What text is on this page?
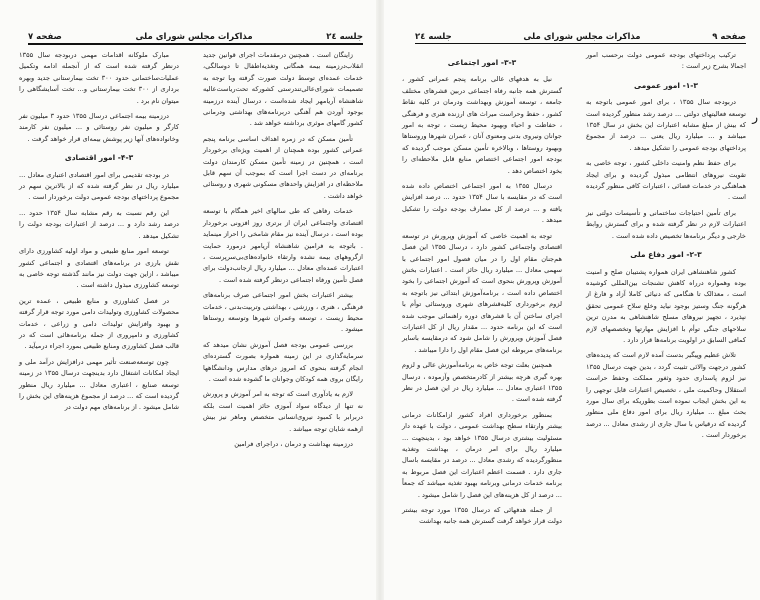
جلسه ۲٤
مذاکرات مجلس شورای ملی
صفحه ۷

زاینگان است . همچنین درمقدمات اجرای قوانین جدید انقلاب‌درزمینه بیمه همگانی وتغذیه‌اطفال تا دوسالگی، خدمات عمده‌ای توسط دولت صورت گرفته وبا توجه به تصمیمات شورای‌عالی‌تندرستی کشورکه تحت‌ریاست‌عالیه شاهنشاه آریامهر ایجاد شده‌است ، درسال آینده درزمینه بوجود آوردن هم آهنگی دربرنامه‌های بهداشتی ودرمانی کشور گامهای موثری برداشته خواهد شد .

تأمین مسکن که در زمره اهداف اساسی برنامه پنجم عمرانی کشور بوده همچنان از اهمیت ویژه‌ای برخوردار است ، همچنین در زمینه تأمین مسکن کارمندان دولت برنامه‌ای در دست اجرا است که بموجب آن سهم قابل ملاحظه‌ای در افزایش واحدهای مسکونی شهری و روستائی خواهد داشت .

خدمات رفاهی که طی سالهای اخیر همگام با توسعه اقتصادی واجتماعی ایران از برتری روز افزونی برخوردار بوده است ، درسال آینده نیز مقام شامخی را احراز مینماید . باتوجه به فرامین شاهنشاه آریامهر درمورد حمایت ازگروههای بیمه نشده وارتقاء خانواده‌های‌بی‌سرپرست ، اعتبارات عمده‌ای معادل ... میلیارد ریال ازجانب‌دولت برای فصل تأمین ورفاه اجتماعی درنظر گرفته شده است .

بیشتر اعتبارات بخش امور اجتماعی صرف برنامه‌های فرهنگی ، هنری ، ورزشی ، بهداشتی وتربیت‌بدنی ، خدمات محیط زیست ، توسعه وعمران شهرها وتوسعه روستاها میشود .

بررسی عمومی بودجه فصل آموزش نشان میدهد که سرمایه‌گذاری در این زمینه همواره بصورت گسترده‌ای انجام گرفته بنحوی که امروز درهای مدارس ودانشگاهها رایگان بروی همه کودکان وجوانان ما گشوده شده است .

لازم به یادآوری است که توجه به امر آموزش و پرورش نه تنها از دیدگاه سواد آموزی حائز اهمیت است بلکه دربرابر با کمبود نیروی‌انسانی متخصص وماهر نیز بیش ازهمه شایان توجه میباشد .

درزمینه بهداشت و درمان ، دراجرای فرامین

مبارک ملوکانه اقدامات مهمی دربودجه سال ۱۳۵۵ درنظر گرفته شده است که از آنجمله ادامه وتکمیل عملیات‌ساختمانی حدود ۳۰۰ تخت بیمارستانی جدید وبهره برداری از ۳۰۰ تخت بیمارستانی و... تخت آسایشگاهی را میتوان نام برد .

درزمینه بیمه اجتماعی درسال ۱۳۵۵ حدود ۳ میلیون نفر کارگر و میلیون نفر روستائی و ... میلیون نفر کارمند وخانواده‌های آنها زیر پوشش بیمه‌ای قرار خواهد گرفت .

۴-۳- امور اقتصادی

در بودجه تقدیمی برای امور اقتصادی اعتباری معادل ... میلیارد ریال در نظر گرفته شده که از بالاترین سهم در مجموع پرداختهای بودجه عمومی دولت برخوردار است .

این رقم نسبت به رقم مشابه سال ۱۳۵۴ حدود ... درصد رشد دارد و ... درصد از اعتبارات بودجه دولت را تشکیل میدهد .

توسعه امور منابع طبیعی و مواد اولیه کشاورزی دارای نقش بارزی در برنامه‌های اقتصادی و اجتماعی کشور میباشد ، ازاین جهت دولت نیز مانند گذشته توجه خاصی به توسعه کشاورزی مبذول داشته است .

در فصل کشاورزی و منابع طبیعی ، عمده ترین محصولات کشاورزی وتولیدات دامی مورد توجه قرار گرفته و بهبود وافزایش تولیدات دامی و زراعی ، خدمات کشاورزی و دامپروری از جمله برنامه‌هائی است که در قالب فصل کشاورزی ومنابع طبیعی بمورد اجراء درمیآید .

چون توسعه‌صنعت تأثیر مهمی درافزایش درآمد ملی و ایجاد امکانات اشتغال دارد بدینجهت درسال ۱۳۵۵ در زمینه توسعه صنایع ، اعتباری معادل ... میلیارد ریال منظور گردیده است که ... درصد از مجموع هزینه‌های این بخش را شامل میشود . از برنامه‌های مهم دولت در

صفحه ۹
مذاکرات مجلس شورای ملی
جلسه ۲٤

ترکیب پرداختهای بودجه عمومی دولت برحسب امور اجمالا بشرح زیر است :

۱-۳- امور عمومی

دربودجه سال ۱۳۵۵ ، برای امور عمومی باتوجه به توسعه فعالیتهای دولتی ... درصد رشد منظور گردیده است که بیش از مبلغ مشابه اعتبارات این بخش در سال ۱۳۵۴ میباشد و ... میلیارد ریال یعنی ... درصد از مجموع پرداختهای بودجه عمومی را تشکیل میدهد .

برای حفظ نظم وامنیت داخلی کشور ، توجه خاصی به تقویت نیروهای انتظامی مبذول گردیده و برای ایجاد هماهنگی در خدمات قضائی ، اعتبارات کافی منظور گردیده است .

برای تأمین احتیاجات ساختمانی و تأسیسات دولتی نیز اعتبارات لازم در نظر گرفته شده و برای گسترش روابط خارجی و دیگر برنامه‌ها تخصیص داده شده است .

۲-۳- امور دفاع ملی

کشور شاهنشاهی ایران همواره پشتیبان صلح و امنیت بوده وهمواره درراه کاهش تشنجات بین‌المللی کوشیده است ، معذالک تا هنگامی که دنیائی کاملا آزاد و فارغ از هرگونه جنگ وستیز بوجود نیاید وخلع سلاح عمومی تحقق نپذیرد ، تجهیز نیروهای مسلح شاهنشاهی به مدرن ترین سلاحهای جنگی توأم با افزایش مهارتها وتخصصهای لازم کمافی السابق در اولویت برنامه‌ها قرار دارد .

تلاش عظیم وپیگیر بدست آمده لازم است که پدیده‌های کشور درجهت والائی تثبیت گردد ، بدین جهت درسال ۱۳۵۵ نیز لزوم پاسداری حدود وثغور مملکت وحفظ حراست استقلال وحاکمیت ملی ، تخصیص اعتبارات قابل توجهی را به این بخش ایجاب نموده است بطوریکه برای سال مورد بحث مبلغ ... میلیارد ریال برای امور دفاع ملی منظور گردیده که درقیاس با سال جاری از رشدی معادل ... درصد برخوردار است .

۳-۳- امور اجتماعی

نیل به هدفهای عالی برنامه پنجم عمرانی کشور ، گسترش همه جانبه رفاه اجتماعی دربین قشرهای مختلف جامعه ، توسعه آموزش وبهداشت ودرمان در کلیه نقاط کشور ، حفظ وحراست میراث های ارزنده هنری و فرهنگی ، حفاظت و احیاء وبهبود محیط زیست ، توجه به امور جوانان ونیروی بدنی ومعنوی آنان ، عمران شهرها وروستاها وبهبود روستاها ، وبالاخره تأمین مسکن موجب گردیده که بودجه امور اجتماعی اختصاص منابع قابل ملاحظه‌ای را بخود اختصاص دهد .

درسال ۱۳۵۵ به امور اجتماعی اختصاص داده شده است که در مقایسه با سال ۱۳۵۴ حدود ... درصد افزایش یافته و ... درصد از کل مصارف بودجه دولت را تشکیل میدهد .

توجه به اهمیت خاصی که آموزش وپرورش در توسعه اقتصادی واجتماعی کشور دارد ، درسال ۱۳۵۵ این فصل هم‌جنان مقام اول را در میان فصول امور اجتماعی با سهمی معادل ... میلیارد ریال حائز است . اعتبارات بخش آموزش وپرورش بنحوی است که آموزش اجتماعی را بخود اختصاص داده است ، برنامه‌آموزش ابتدائی نیز باتوجه به لزوم برخورداری کلیه‌قشرهای شهری وروستائی توأم با اجرای ساختن آن با قشرهای دوره راهنمائی موجب شده است که این برنامه حدود ... مقدار ریال از کل اعتبارات فصل آموزش وپرورش را شامل شود که درمقایسه باسایر برنامه‌های مربوطه این فصل مقام اول را دارا میباشد .

همچنین بعلت توجه خاص به برنامه‌آموزش عالی و لزوم بهره گیری هرچه بیشتر از کادرمتخصص وآزموده ، درسال ۱۳۵۵ اعتباری معادل ... میلیارد ریال در این فصل در نظر گرفته شده است .

بمنظور برخورداری افراد کشور ازامکانات درمانی بیشتر وارتقاء سطح بهداشت عمومی ، دولت با عهده دار مسئولیت بیشتری درسال ۱۳۵۵ خواهد بود ، بدینجهت ... میلیارد ریال برای امر درمان ، بهداشت وتغذیه منظورگردیده که رشدی معادل ... درصد در مقایسه باسال جاری دارد . قسمت اعظم اعتبارات این فصل مربوط به برنامه خدمات درمانی وبرنامه بهبود تغذیه میباشد که جمعاً ... درصد از کل هزینه‌های این فصل را شامل میشود .

از جمله هدفهائی که درسال ۱۳۵۵ مورد توجه بیشتر دولت قرار خواهد گرفت گسترش همه جانبه بهداشت

ر
